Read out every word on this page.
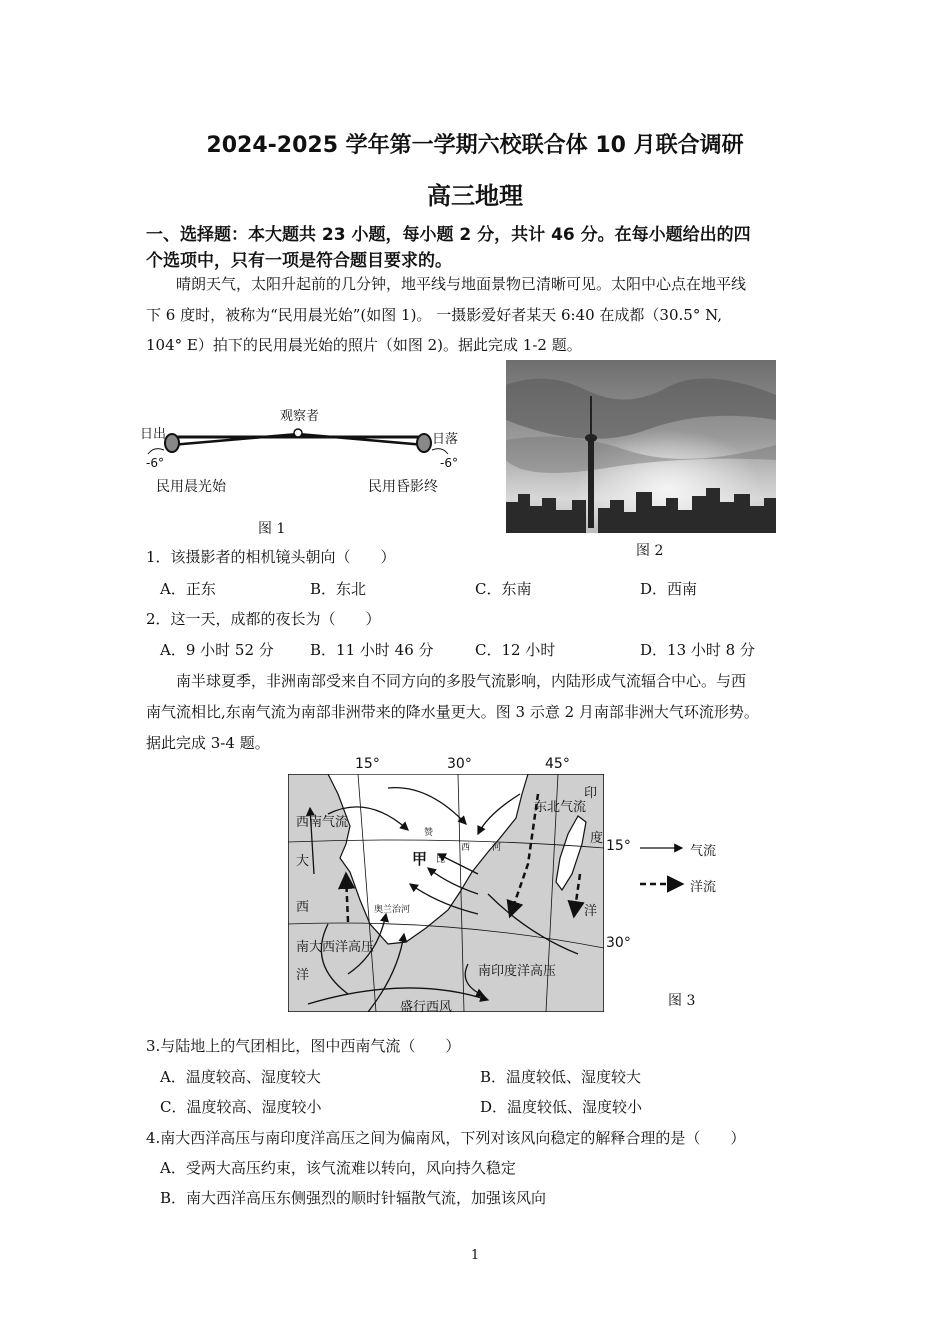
2024-2025 学年第一学期六校联合体 10 月联合调研
高三地理
一、选择题：本大题共 23 小题，每小题 2 分，共计 46 分。在每小题给出的四
个选项中，只有一项是符合题目要求的。
晴朗天气，太阳升起前的几分钟，地平线与地面景物已清晰可见。太阳中心点在地平线
下 6 度时，被称为“民用晨光始”(如图 1)。 一摄影爱好者某天 6:40 在成都（30.5° N,
104° E）拍下的民用晨光始的照片（如图 2)。据此完成 1-2 题。
日出
观察者
日落
-6°	-6°
民用晨光始	民用昏影终
图 1
图 2
1．该摄影者的相机镜头朝向（　　）
A．正东	B．东北	C．东南	D．西南
2．这一天，成都的夜长为（　　）
A．9 小时 52 分 B．11 小时 46 分	C．12 小时	D．13 小时 8 分
南半球夏季，非洲南部受来自不同方向的多股气流影响，内陆形成气流辐合中心。与西
南气流相比,东南气流为南部非洲带来的降水量更大。图 3 示意 2 月南部非洲大气环流形势。
据此完成 3-4 题。
15°	30°	45°
15°
30°
西南气流
东北气流
大
西
洋
印
度
洋
甲
赞
比
西 河
奥兰治河
南大西洋高压
南印度洋高压
盛行西风
气流
洋流
图 3
3.与陆地上的气团相比，图中西南气流（　　）
A．温度较高、湿度较大	B．温度较低、湿度较大
C．温度较高、湿度较小	D．温度较低、湿度较小
4.南大西洋高压与南印度洋高压之间为偏南风，下列对该风向稳定的解释合理的是（　　）
A．受两大高压约束，该气流难以转向，风向持久稳定
B．南大西洋高压东侧强烈的顺时针辐散气流，加强该风向
1
